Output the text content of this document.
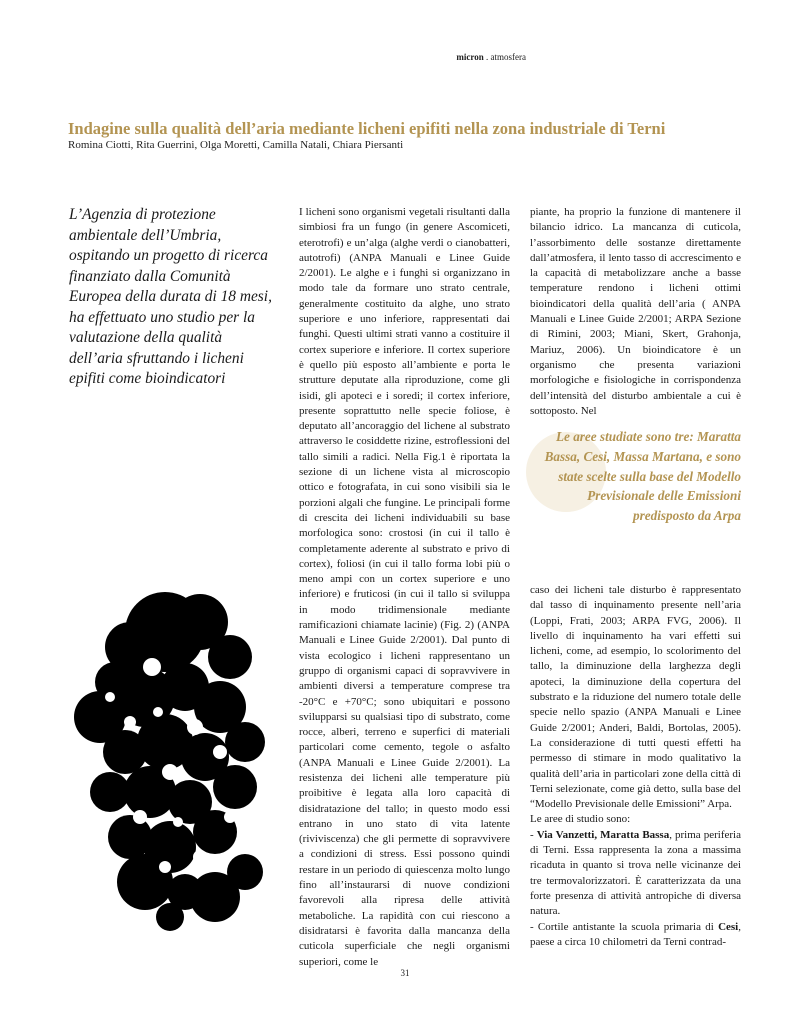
micron . atmosfera
Indagine sulla qualità dell’aria mediante licheni epifiti nella zona industriale di Terni
Romina Ciotti, Rita Guerrini, Olga Moretti, Camilla Natali, Chiara Piersanti
L’Agenzia di protezione ambientale dell’Umbria, ospitando un progetto di ricerca finanziato dalla Comunità Europea della durata di 18 mesi, ha effettuato uno studio per la valutazione della qualità dell’aria sfruttando i licheni epifiti come bioindicatori

I licheni sono organismi vegetali risultanti dalla simbiosi fra un fungo (in genere Ascomiceti, eterotrofi) e un’alga (alghe verdi o cianobatteri, autotrofi) (ANPA Manuali e Linee Guide 2/2001). Le alghe e i funghi si organizzano in modo tale da formare uno strato centrale, generalmente costituito da alghe, uno strato superiore e uno inferiore, rappresentati dai funghi. Questi ultimi strati vanno a costituire il cortex superiore e inferiore. Il cortex superiore è quello più esposto all’ambiente e porta le strutture deputate alla riproduzione, come gli isidi, gli apoteci e i soredi; il cortex inferiore, presente soprattutto nelle specie foliose, è deputato all’ancoraggio del lichene al substrato attraverso le cosiddette rizine, estroflessioni del tallo simili a radici. Nella Fig.1 è riportata la sezione di un lichene vista al microscopio ottico e fotografata, in cui sono visibili sia le porzioni algali che fungine. Le principali forme di crescita dei licheni individuabili su base morfologica sono: crostosi (in cui il tallo è completamente aderente al substrato e privo di cortex), foliosi (in cui il tallo forma lobi più o meno ampi con un cortex superiore e uno inferiore) e fruticosi (in cui il tallo si sviluppa in modo tridimensionale mediante ramificazioni chiamate lacinie) (Fig. 2) (ANPA Manuali e Linee Guide 2/2001). Dal punto di vista ecologico i licheni rappresentano un gruppo di organismi capaci di sopravvivere in ambienti diversi a temperature comprese tra -20°C e +70°C; sono ubiquitari e possono svilupparsi su qualsiasi tipo di substrato, come rocce, alberi, terreno e superfici di materiali particolari come cemento, tegole o asfalto (ANPA Manuali e Linee Guide 2/2001). La resistenza dei licheni alle temperature più proibitive è legata alla loro capacità di disidratazione del tallo; in questo modo essi entrano in uno stato di vita latente (riviviscenza) che gli permette di sopravvivere a condizioni di stress. Essi possono quindi restare in un periodo di quiescenza molto lungo fino all’instaurarsi di nuove condizioni favorevoli alla ripresa delle attività metaboliche. La rapidità con cui riescono a disidratarsi è favorita dalla mancanza della cuticola superficiale che negli organismi superiori, come le

piante, ha proprio la funzione di mantenere il bilancio idrico. La mancanza di cuticola, l’assorbimento delle sostanze direttamente dall’atmosfera, il lento tasso di accrescimento e la capacità di metabolizzare anche a basse temperature rendono i licheni ottimi bioindicatori della qualità dell’aria ( ANPA Manuali e Linee Guide 2/2001; ARPA Sezione di Rimini, 2003; Miani, Skert, Grahonja, Mariuz, 2006). Un bioindicatore è un organismo che presenta variazioni morfologiche e fisiologiche in corrispondenza dell’intensità del disturbo ambientale a cui è sottoposto. Nel

Le aree studiate sono tre: Maratta Bassa, Cesi, Massa Martana, e sono state scelte sulla base del Modello Previsionale delle Emissioni predisposto da Arpa

caso dei licheni tale disturbo è rappresentato dal tasso di inquinamento presente nell’aria (Loppi, Frati, 2003; ARPA FVG, 2006). Il livello di inquinamento ha vari effetti sui licheni, come, ad esempio, lo scolorimento del tallo, la diminuzione della larghezza degli apoteci, la diminuzione della copertura del substrato e la riduzione del numero totale delle specie nello spazio (ANPA Manuali e Linee Guide 2/2001; Anderi, Baldi, Bortolas, 2005). La considerazione di tutti questi effetti ha permesso di stimare in modo qualitativo la qualità dell’aria in particolari zone della città di Terni selezionate, come già detto, sulla base del “Modello Previsionale delle Emissioni” Arpa.

Le aree di studio sono:

- Via Vanzetti, Maratta Bassa, prima periferia di Terni. Essa rappresenta la zona a massima ricaduta in quanto si trova nelle vicinanze dei tre termovalorizzatori. È caratterizzata da una forte presenza di attività antropiche di diversa natura.

- Cortile antistante la scuola primaria di Cesi, paese a circa 10 chilometri da Terni contrad-

31
